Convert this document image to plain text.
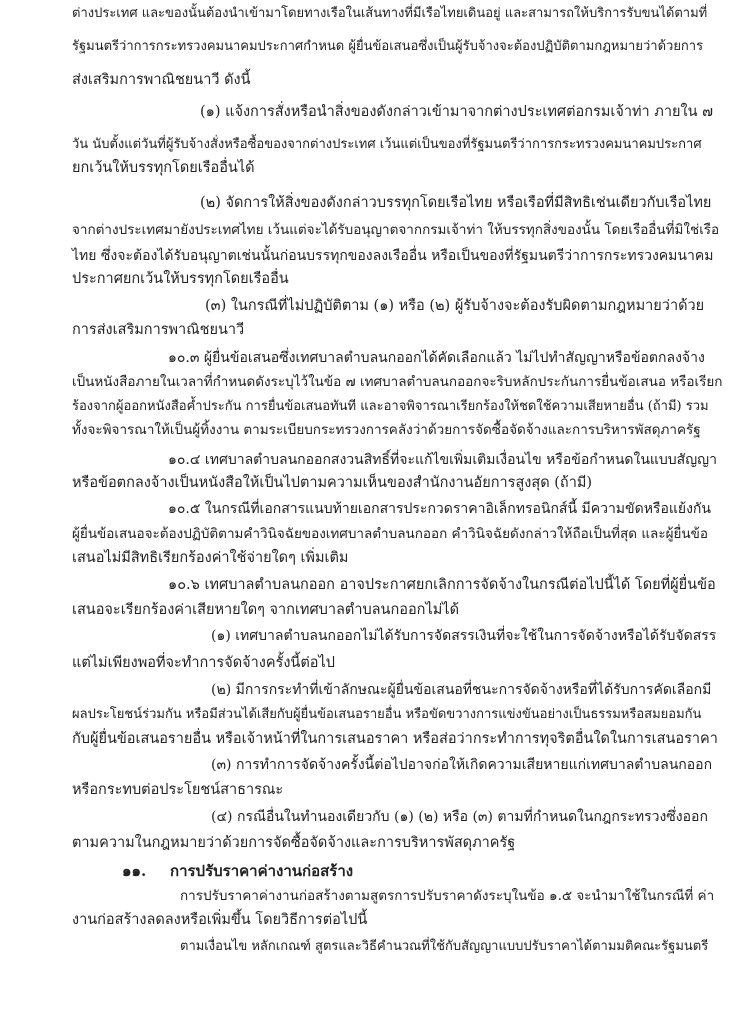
ต่างประเทศ และของนั้นต้องนำเข้ามาโดยทางเรือในเส้นทางที่มีเรือไทยเดินอยู่ และสามารถให้บริการรับขนได้ตามที่
รัฐมนตรีว่าการกระทรวงคมนาคมประกาศกำหนด ผู้ยื่นข้อเสนอซึ่งเป็นผู้รับจ้างจะต้องปฏิบัติตามกฎหมายว่าด้วยการ
ส่งเสริมการพาณิชยนาวี ดังนี้
(๑) แจ้งการสั่งหรือนำสิ่งของดังกล่าวเข้ามาจากต่างประเทศต่อกรมเจ้าท่า ภายใน ๗
วัน นับตั้งแต่วันที่ผู้รับจ้างสั่งหรือซื้อของจากต่างประเทศ เว้นแต่เป็นของที่รัฐมนตรีว่าการกระทรวงคมนาคมประกาศ
ยกเว้นให้บรรทุกโดยเรืออื่นได้
(๒) จัดการให้สิ่งของดังกล่าวบรรทุกโดยเรือไทย หรือเรือที่มีสิทธิเช่นเดียวกับเรือไทย
จากต่างประเทศมายังประเทศไทย เว้นแต่จะได้รับอนุญาตจากกรมเจ้าท่า ให้บรรทุกสิ่งของนั้น โดยเรืออื่นที่มิใช่เรือ
ไทย ซึ่งจะต้องได้รับอนุญาตเช่นนั้นก่อนบรรทุกของลงเรืออื่น หรือเป็นของที่รัฐมนตรีว่าการกระทรวงคมนาคม
ประกาศยกเว้นให้บรรทุกโดยเรืออื่น
(๓) ในกรณีที่ไม่ปฏิบัติตาม (๑) หรือ (๒) ผู้รับจ้างจะต้องรับผิดตามกฎหมายว่าด้วย
การส่งเสริมการพาณิชยนาวี
๑๐.๓ ผู้ยื่นข้อเสนอซึ่งเทศบาลตำบลนกออกได้คัดเลือกแล้ว ไม่ไปทำสัญญาหรือข้อตกลงจ้าง
เป็นหนังสือภายในเวลาที่กำหนดดังระบุไว้ในข้อ ๗ เทศบาลตำบลนกออกจะริบหลักประกันการยื่นข้อเสนอ หรือเรียก
ร้องจากผู้ออกหนังสือค้ำประกัน การยื่นข้อเสนอทันที และอาจพิจารณาเรียกร้องให้ชดใช้ความเสียหายอื่น (ถ้ามี) รวม
ทั้งจะพิจารณาให้เป็นผู้ทิ้งงาน ตามระเบียบกระทรวงการคลังว่าด้วยการจัดซื้อจัดจ้างและการบริหารพัสดุภาครัฐ
๑๐.๔ เทศบาลตำบลนกออกสงวนสิทธิ์ที่จะแก้ไขเพิ่มเติมเงื่อนไข หรือข้อกำหนดในแบบสัญญา
หรือข้อตกลงจ้างเป็นหนังสือให้เป็นไปตามความเห็นของสำนักงานอัยการสูงสุด (ถ้ามี)
๑๐.๕ ในกรณีที่เอกสารแนบท้ายเอกสารประกวดราคาอิเล็กทรอนิกส์นี้ มีความขัดหรือแย้งกัน
ผู้ยื่นข้อเสนอจะต้องปฏิบัติตามคำวินิจฉัยของเทศบาลตำบลนกออก คำวินิจฉัยดังกล่าวให้ถือเป็นที่สุด และผู้ยื่นข้อ
เสนอไม่มีสิทธิเรียกร้องค่าใช้จ่ายใดๆ เพิ่มเติม
๑๐.๖ เทศบาลตำบลนกออก อาจประกาศยกเลิกการจัดจ้างในกรณีต่อไปนี้ได้ โดยที่ผู้ยื่นข้อ
เสนอจะเรียกร้องค่าเสียหายใดๆ จากเทศบาลตำบลนกออกไม่ได้
(๑) เทศบาลตำบลนกออกไม่ได้รับการจัดสรรเงินที่จะใช้ในการจัดจ้างหรือได้รับจัดสรร
แต่ไม่เพียงพอที่จะทำการจัดจ้างครั้งนี้ต่อไป
(๒) มีการกระทำที่เข้าลักษณะผู้ยื่นข้อเสนอที่ชนะการจัดจ้างหรือที่ได้รับการคัดเลือกมี
ผลประโยชน์ร่วมกัน หรือมีส่วนได้เสียกับผู้ยื่นข้อเสนอรายอื่น หรือขัดขวางการแข่งขันอย่างเป็นธรรมหรือสมยอมกัน
กับผู้ยื่นข้อเสนอรายอื่น หรือเจ้าหน้าที่ในการเสนอราคา หรือส่อว่ากระทำการทุจริตอื่นใดในการเสนอราคา
(๓) การทำการจัดจ้างครั้งนี้ต่อไปอาจก่อให้เกิดความเสียหายแก่เทศบาลตำบลนกออก
หรือกระทบต่อประโยชน์สาธารณะ
(๔) กรณีอื่นในทำนองเดียวกับ (๑) (๒) หรือ (๓) ตามที่กำหนดในกฎกระทรวงซึ่งออก
ตามความในกฎหมายว่าด้วยการจัดซื้อจัดจ้างและการบริหารพัสดุภาครัฐ
๑๑. การปรับราคาค่างานก่อสร้าง
การปรับราคาค่างานก่อสร้างตามสูตรการปรับราคาดังระบุในข้อ ๑.๕ จะนำมาใช้ในกรณีที่ ค่า
งานก่อสร้างลดลงหรือเพิ่มขึ้น โดยวิธีการต่อไปนี้
ตามเงื่อนไข หลักเกณฑ์ สูตรและวิธีคำนวณที่ใช้กับสัญญาแบบปรับราคาได้ตามมติคณะรัฐมนตรี
